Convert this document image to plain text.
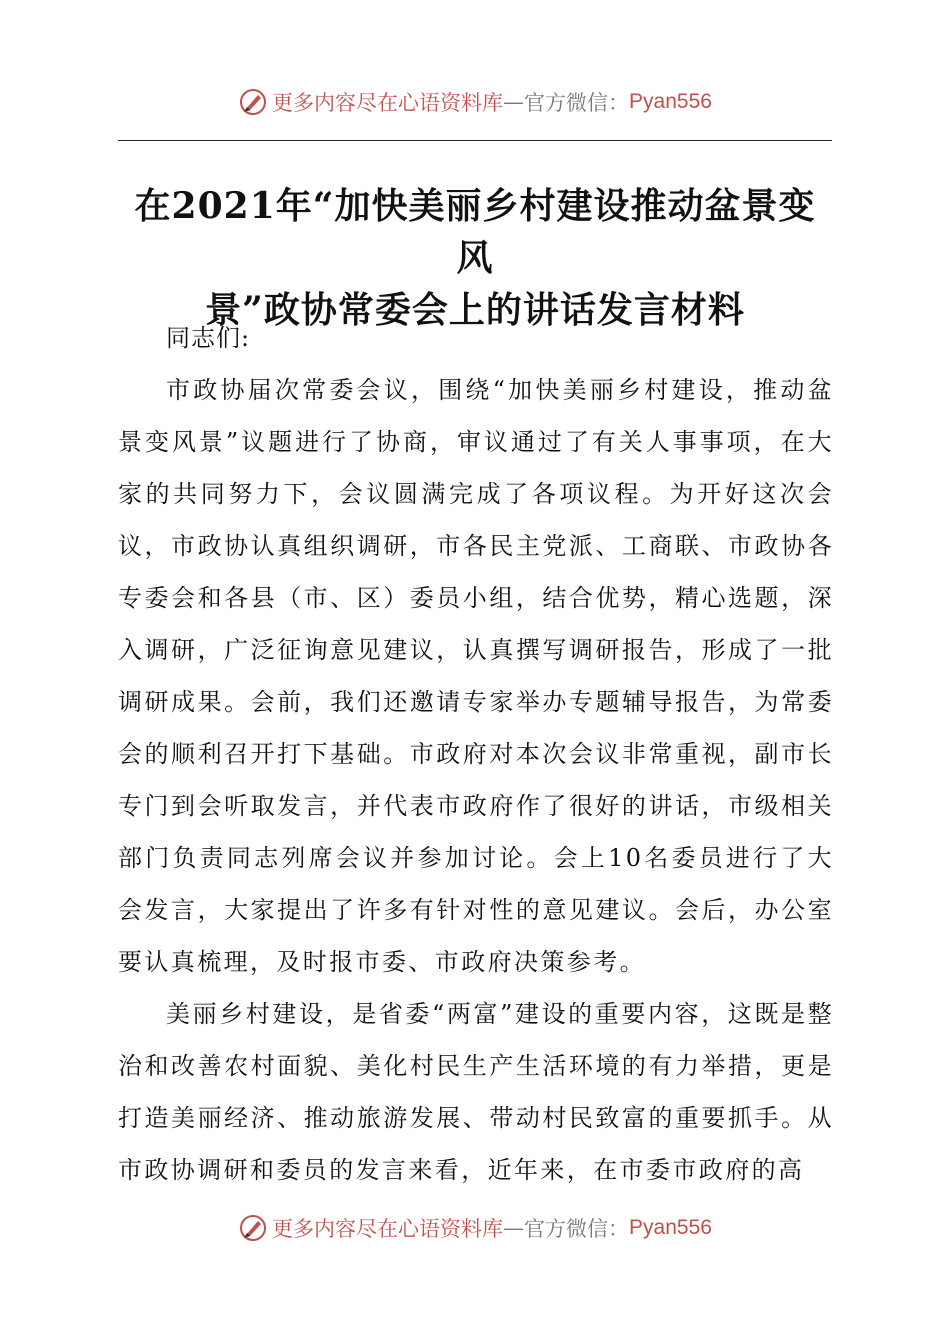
更多内容尽在心语资料库 — 官方微信： Pyan556
在2021年“加快美丽乡村建设推动盆景变风
景”政协常委会上的讲话发言材料

同志们:

市政协届次常委会议，围绕“加快美丽乡村建设，推动盆景变风景”议题进行了协商，审议通过了有关人事事项，在大家的共同努力下，会议圆满完成了各项议程。为开好这次会议，市政协认真组织调研，市各民主党派、工商联、市政协各专委会和各县（市、区）委员小组，结合优势，精心选题，深入调研，广泛征询意见建议，认真撰写调研报告，形成了一批调研成果。会前，我们还邀请专家举办专题辅导报告，为常委会的顺利召开打下基础。市政府对本次会议非常重视，副市长专门到会听取发言，并代表市政府作了很好的讲话，市级相关部门负责同志列席会议并参加讨论。会上10名委员进行了大会发言，大家提出了许多有针对性的意见建议。会后，办公室要认真梳理，及时报市委、市政府决策参考。

美丽乡村建设，是省委“两富”建设的重要内容，这既是整治和改善农村面貌、美化村民生产生活环境的有力举措，更是打造美丽经济、推动旅游发展、带动村民致富的重要抓手。从市政协调研和委员的发言来看，近年来，在市委市政府的高

更多内容尽在心语资料库 — 官方微信： Pyan556
